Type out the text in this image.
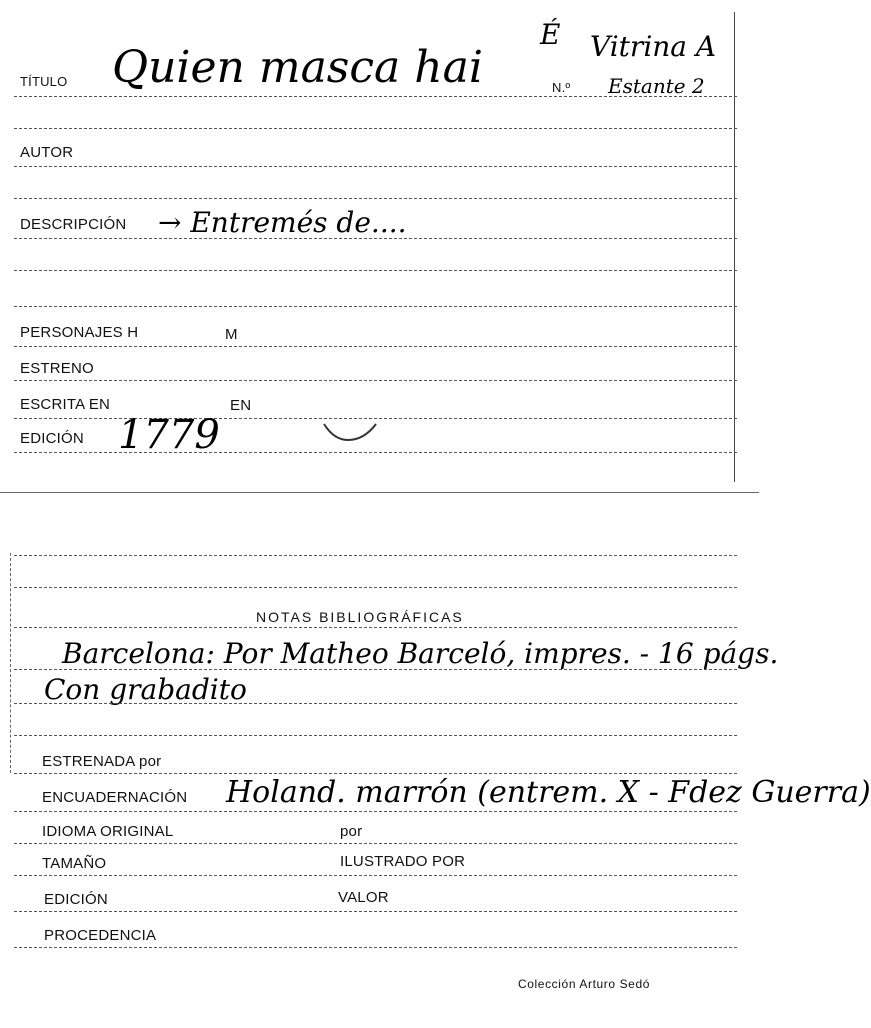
TÍTULO Quien masca hai
É Vitrina A
N.º Estante 2
AUTOR
DESCRIPCIÓN → Entremés de....
PERSONAJES H	M
ESTRENO
ESCRITA EN	EN
EDICIÓN 1779
NOTAS BIBLIOGRÁFICAS
Barcelona: Por Matheo Barceló, impres. - 16 págs.
Con grabadito
ESTRENADA por
ENCUADERNACIÓN Holand. marrón (entrem. X - Fdez Guerra)
IDIOMA ORIGINAL	por
TAMAÑO	ILUSTRADO POR
EDICIÓN	VALOR
PROCEDENCIA
Colección Arturo Sedó
